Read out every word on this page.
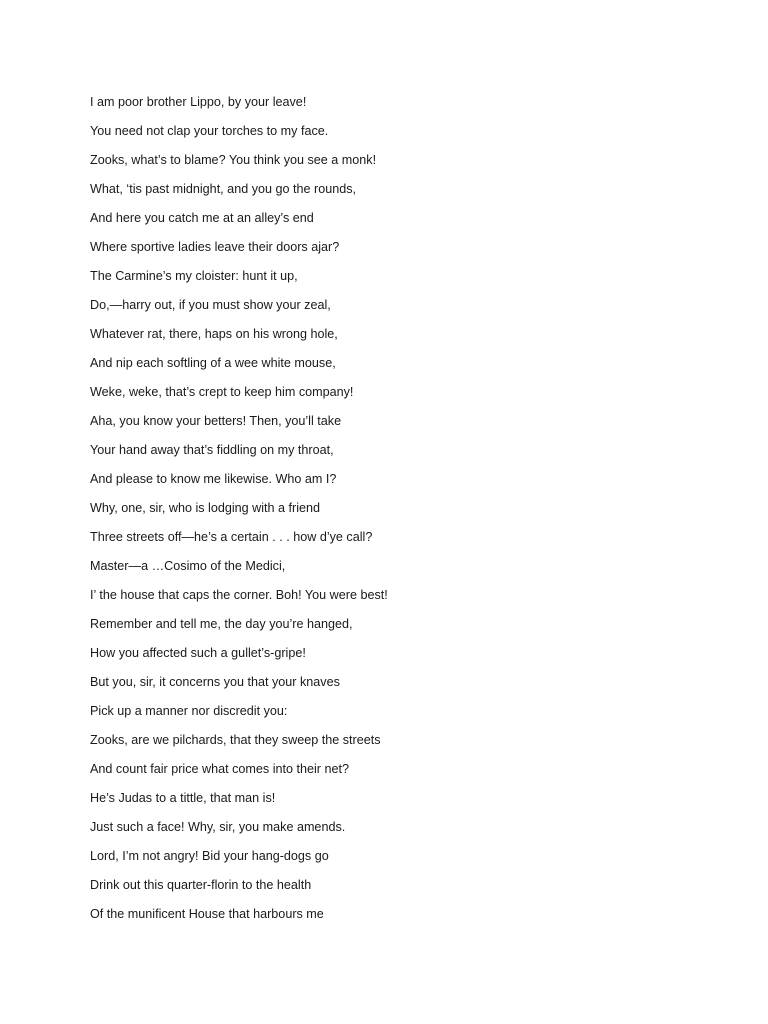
I am poor brother Lippo, by your leave!
You need not clap your torches to my face.
Zooks, what’s to blame? You think you see a monk!
What, ‘tis past midnight, and you go the rounds,
And here you catch me at an alley’s end
Where sportive ladies leave their doors ajar?
The Carmine’s my cloister: hunt it up,
Do,—harry out, if you must show your zeal,
Whatever rat, there, haps on his wrong hole,
And nip each softling of a wee white mouse,
Weke, weke, that’s crept to keep him company!
Aha, you know your betters! Then, you’ll take
Your hand away that’s fiddling on my throat,
And please to know me likewise. Who am I?
Why, one, sir, who is lodging with a friend
Three streets off—he’s a certain . . . how d’ye call?
Master—a …Cosimo of the Medici,
I’ the house that caps the corner. Boh! You were best!
Remember and tell me, the day you’re hanged,
How you affected such a gullet’s-gripe!
But you, sir, it concerns you that your knaves
Pick up a manner nor discredit you:
Zooks, are we pilchards, that they sweep the streets
And count fair price what comes into their net?
He’s Judas to a tittle, that man is!
Just such a face! Why, sir, you make amends.
Lord, I’m not angry! Bid your hang-dogs go
Drink out this quarter-florin to the health
Of the munificent House that harbours me
